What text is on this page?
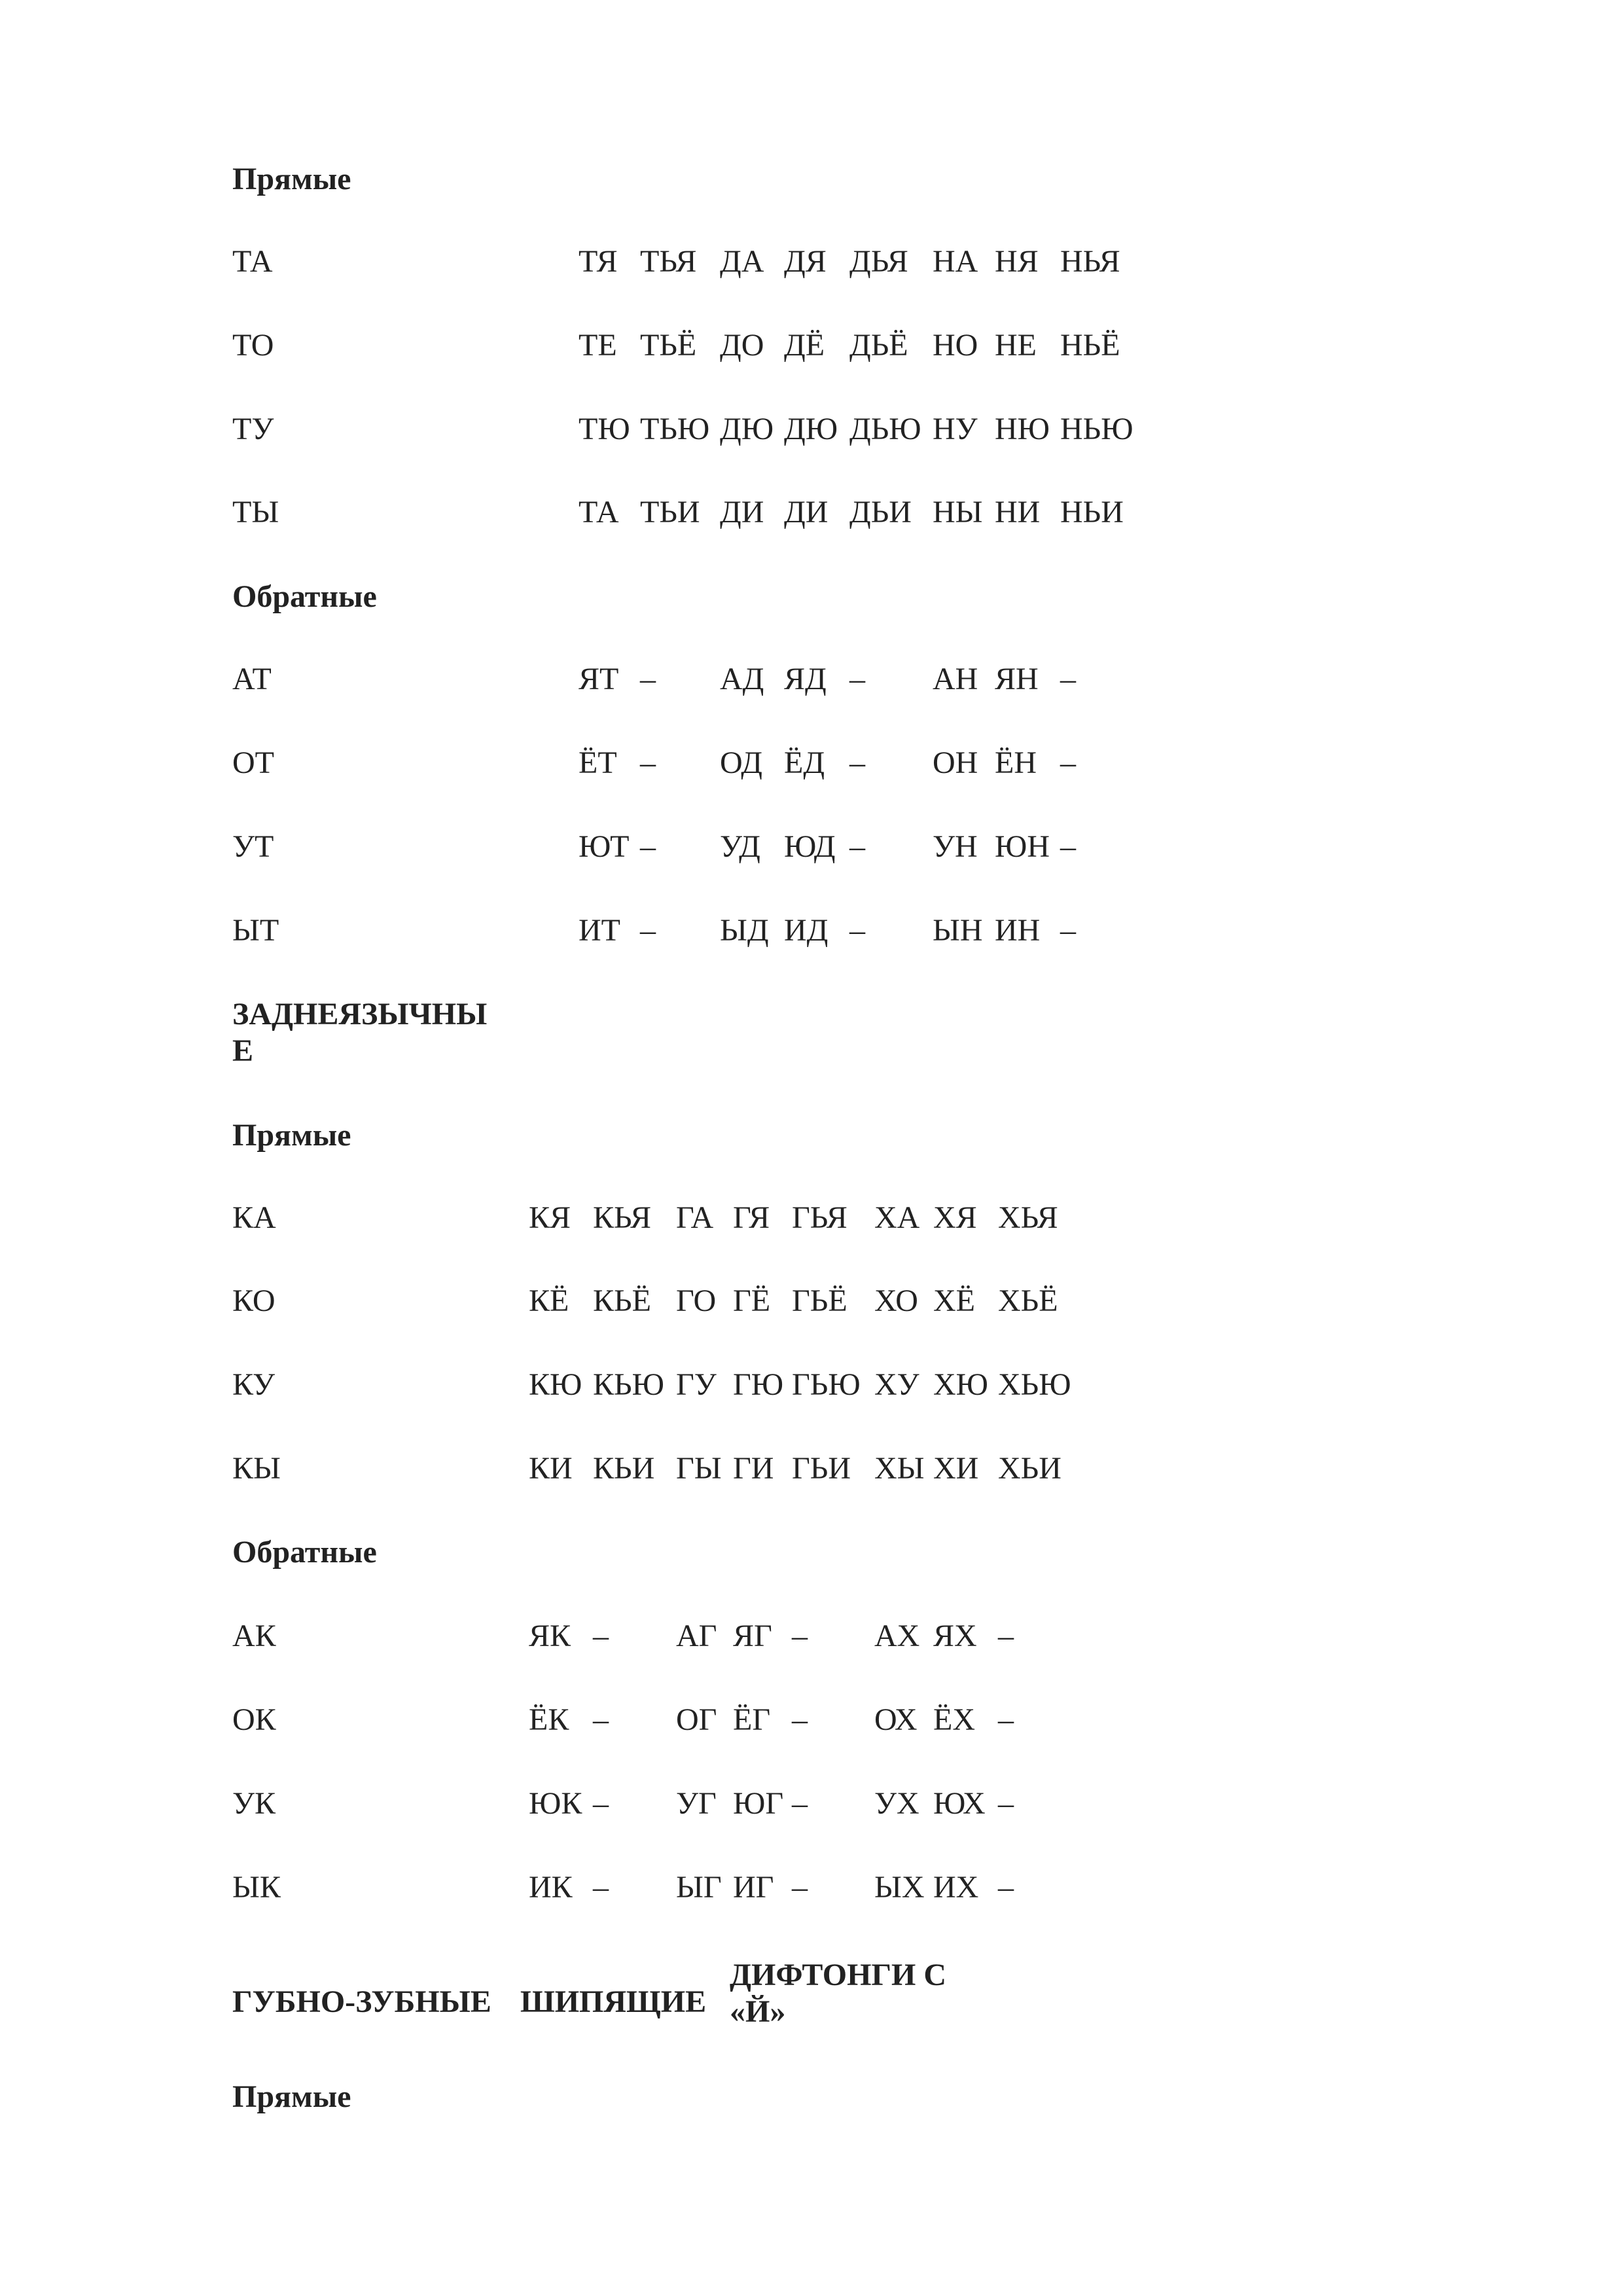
Прямые
ТА	ТЯ ТЬЯ ДА ДЯ ДЬЯ НА НЯ НЬЯ
ТО	ТЕ ТЬЁ ДО ДЁ ДЬЁ НО НЕ НЬЁ
ТУ	ТЮ ТЬЮ ДЮ ДЮ ДЬЮ НУ НЮ НЬЮ
ТЫ	ТА ТЬИ ДИ ДИ ДЬИ НЫ НИ НЬИ
Обратные
АТ	ЯТ – АД ЯД – АН ЯН –
ОТ	ЁТ – ОД ЁД – ОН ЁН –
УТ	ЮТ – УД ЮД – УН ЮН –
ЫТ	ИТ – ЫД ИД – ЫН ИН –
ЗАДНЕЯЗЫЧНЫ
Е
Прямые
КА	КЯ КЬЯ ГА ГЯ ГЬЯ ХА ХЯ ХЬЯ
КО	КЁ КЬЁ ГО ГЁ ГЬЁ ХО ХЁ ХЬЁ
КУ	КЮ КЬЮ ГУ ГЮ ГЬЮ ХУ ХЮ ХЬЮ
КЫ	КИ КЬИ ГЫ ГИ ГЬИ ХЫ ХИ ХЬИ
Обратные
АК	ЯК – АГ ЯГ – АХ ЯХ –
ОК	ЁК – ОГ ЁГ – ОХ ЁХ –
УК	ЮК – УГ ЮГ – УХ ЮХ –
ЫК	ИК – ЫГ ИГ – ЫХ ИХ –
ГУБНО-ЗУБНЫЕ ШИПЯЩИЕ
ДИФТОНГИ С
«Й»
Прямые
